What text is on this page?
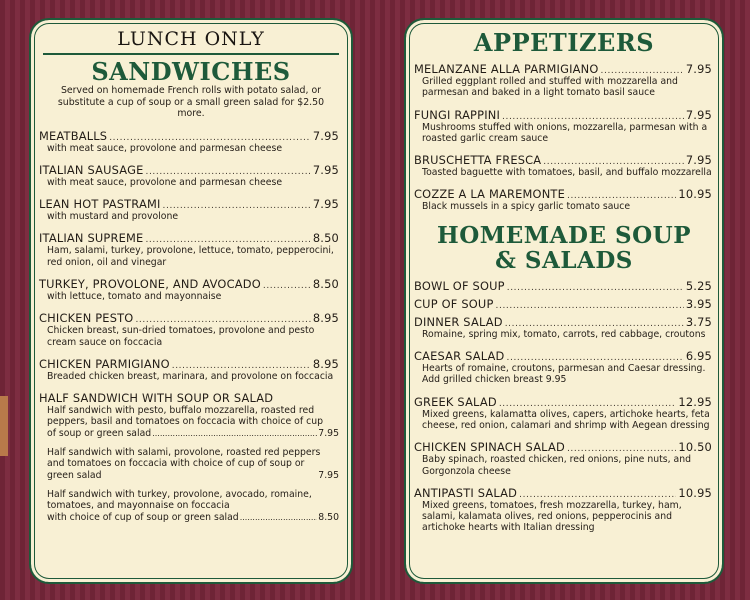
LUNCH ONLY
SANDWICHES
Served on homemade French rolls with potato salad, or substitute a cup of soup or a small green salad for $2.50 more.
MEATBALLS .....	7.95
with meat sauce, provolone and parmesan cheese
ITALIAN SAUSAGE .....	7.95
with meat sauce, provolone and parmesan cheese
LEAN HOT PASTRAMI .....	7.95
with mustard and provolone
ITALIAN SUPREME .....	8.50
Ham, salami, turkey, provolone, lettuce, tomato, pepperocini, red onion, oil and vinegar
TURKEY, PROVOLONE, AND AVOCADO .....	8.50
with lettuce, tomato and mayonnaise
CHICKEN PESTO .....	8.95
Chicken breast, sun-dried tomatoes, provolone and pesto cream sauce on foccacia
CHICKEN PARMIGIANO .....	8.95
Breaded chicken breast, marinara, and provolone on foccacia
HALF SANDWICH WITH SOUP OR SALAD
Half sandwich with pesto, buffalo mozzarella, roasted red peppers, basil and tomatoes on foccacia with choice of cup
of soup or green salad .....	7.95
Half sandwich with salami, provolone, roasted red peppers and tomatoes on foccacia with choice of cup of soup or
green salad	7.95
Half sandwich with turkey, provolone, avocado, romaine, tomatoes, and mayonnaise on foccacia
with choice of cup of soup or green salad .....	8.50
APPETIZERS
MELANZANE ALLA PARMIGIANO .....	7.95
Grilled eggplant rolled and stuffed with mozzarella and parmesan and baked in a light tomato basil sauce
FUNGI RAPPINI .....	7.95
Mushrooms stuffed with onions, mozzarella, parmesan with a roasted garlic cream sauce
BRUSCHETTA FRESCA .....	7.95
Toasted baguette with tomatoes, basil, and buffalo mozzarella
COZZE A LA MAREMONTE .....	10.95
Black mussels in a spicy garlic tomato sauce
HOMEMADE SOUP
& SALADS
BOWL OF SOUP .....	5.25
CUP OF SOUP .....	3.95
DINNER SALAD .....	3.75
Romaine, spring mix, tomato, carrots, red cabbage, croutons
CAESAR SALAD .....	6.95
Hearts of romaine, croutons, parmesan and Caesar dressing. Add grilled chicken breast 9.95
GREEK SALAD .....	12.95
Mixed greens, kalamatta olives, capers, artichoke hearts, feta cheese, red onion, calamari and shrimp with Aegean dressing
CHICKEN SPINACH SALAD .....	10.50
Baby spinach, roasted chicken, red onions, pine nuts, and Gorgonzola cheese
ANTIPASTI SALAD .....	10.95
Mixed greens, tomatoes, fresh mozzarella, turkey, ham, salami, kalamata olives, red onions, pepperocinis and artichoke hearts with Italian dressing
